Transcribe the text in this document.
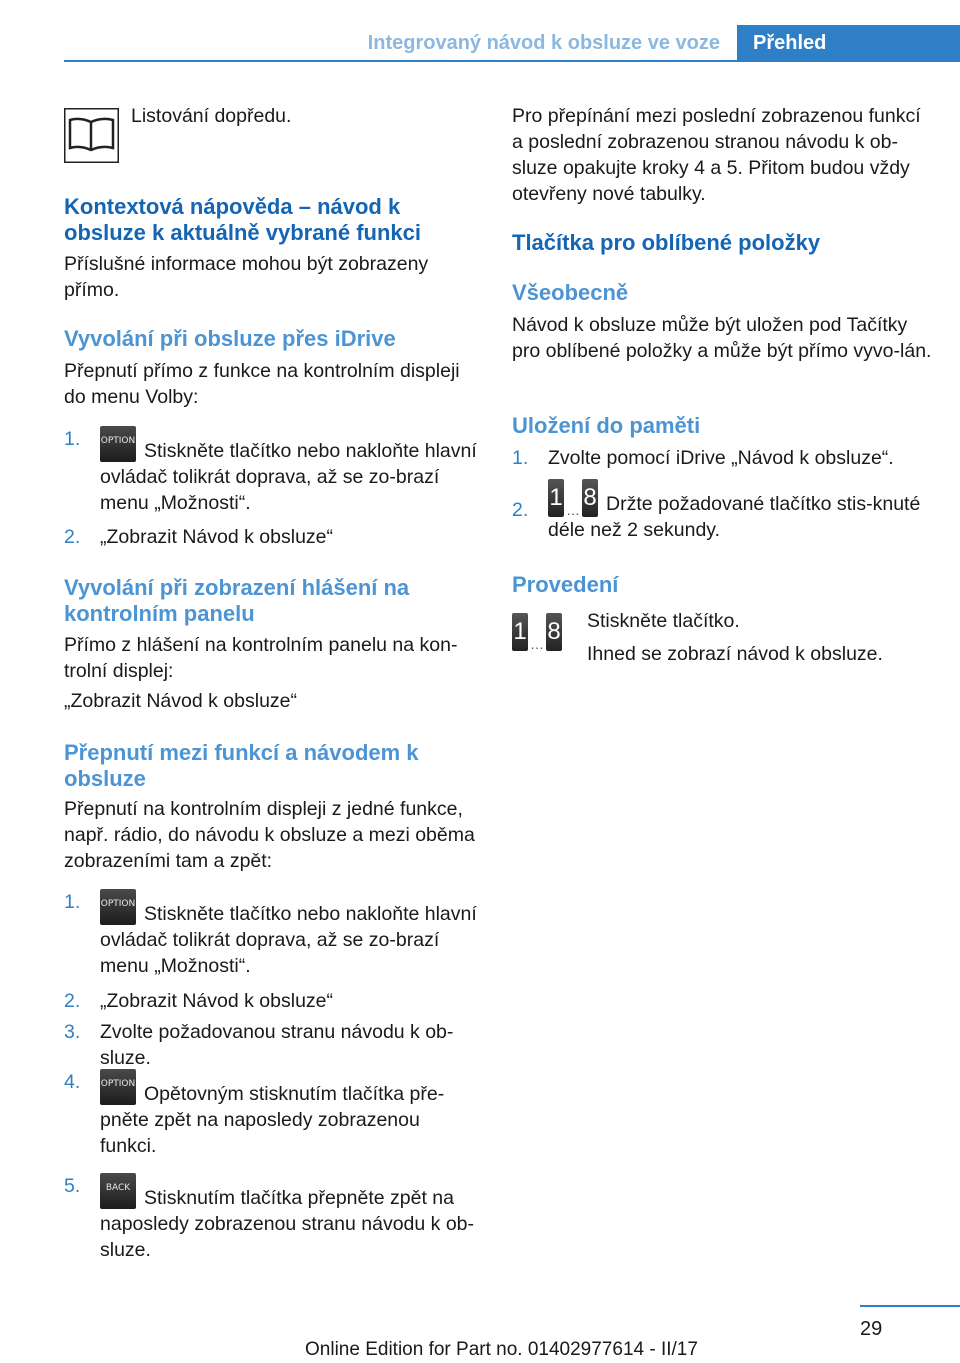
Integrovaný návod k obsluze ve voze	Přehled

Listování dopředu.

Kontextová nápověda – návod k obsluze k aktuálně vybrané funkci

Příslušné informace mohou být zobrazeny přímo.

Vyvolání při obsluze přes iDrive

Přepnutí přímo z funkce na kontrolním displeji do menu Volby:

1. OPTION Stiskněte tlačítko nebo nakloňte hlavní ovládač tolikrát doprava, až se zo‐brazí menu „Možnosti“.
2. „Zobrazit Návod k obsluze“

Vyvolání při zobrazení hlášení na kontrolním panelu

Přímo z hlášení na kontrolním panelu na kon‐trolní displej:

„Zobrazit Návod k obsluze“

Přepnutí mezi funkcí a návodem k obsluze

Přepnutí na kontrolním displeji z jedné funkce, např. rádio, do návodu k obsluze a mezi oběma zobrazeními tam a zpět:

1. OPTION Stiskněte tlačítko nebo nakloňte hlavní ovládač tolikrát doprava, až se zo‐brazí menu „Možnosti“.
2. „Zobrazit Návod k obsluze“
3. Zvolte požadovanou stranu návodu k ob‐sluze.
4. OPTION Opětovným stisknutím tlačítka pře‐pněte zpět na naposledy zobrazenou funkci.
5.	BACK Stisknutím tlačítka přepněte zpět na naposledy zobrazenou stranu návodu k ob‐sluze.

Pro přepínání mezi poslední zobrazenou funkcí a poslední zobrazenou stranou návodu k ob‐sluze opakujte kroky 4 a 5. Přitom budou vždy otevřeny nové tabulky.

Tlačítka pro oblíbené položky

Všeobecně

Návod k obsluze může být uložen pod Tačítky pro oblíbené položky a může být přímo vyvo‐lán.

Uložení do paměti

1. Zvolte pomocí iDrive „Návod k obsluze“.
2. 1 … 8 Držte požadované tlačítko stis‐knuté déle než 2 sekundy.

Provedení

1 … 8	Stiskněte tlačítko.

Ihned se zobrazí návod k obsluze.

29
Online Edition for Part no. 01402977614 - II/17
